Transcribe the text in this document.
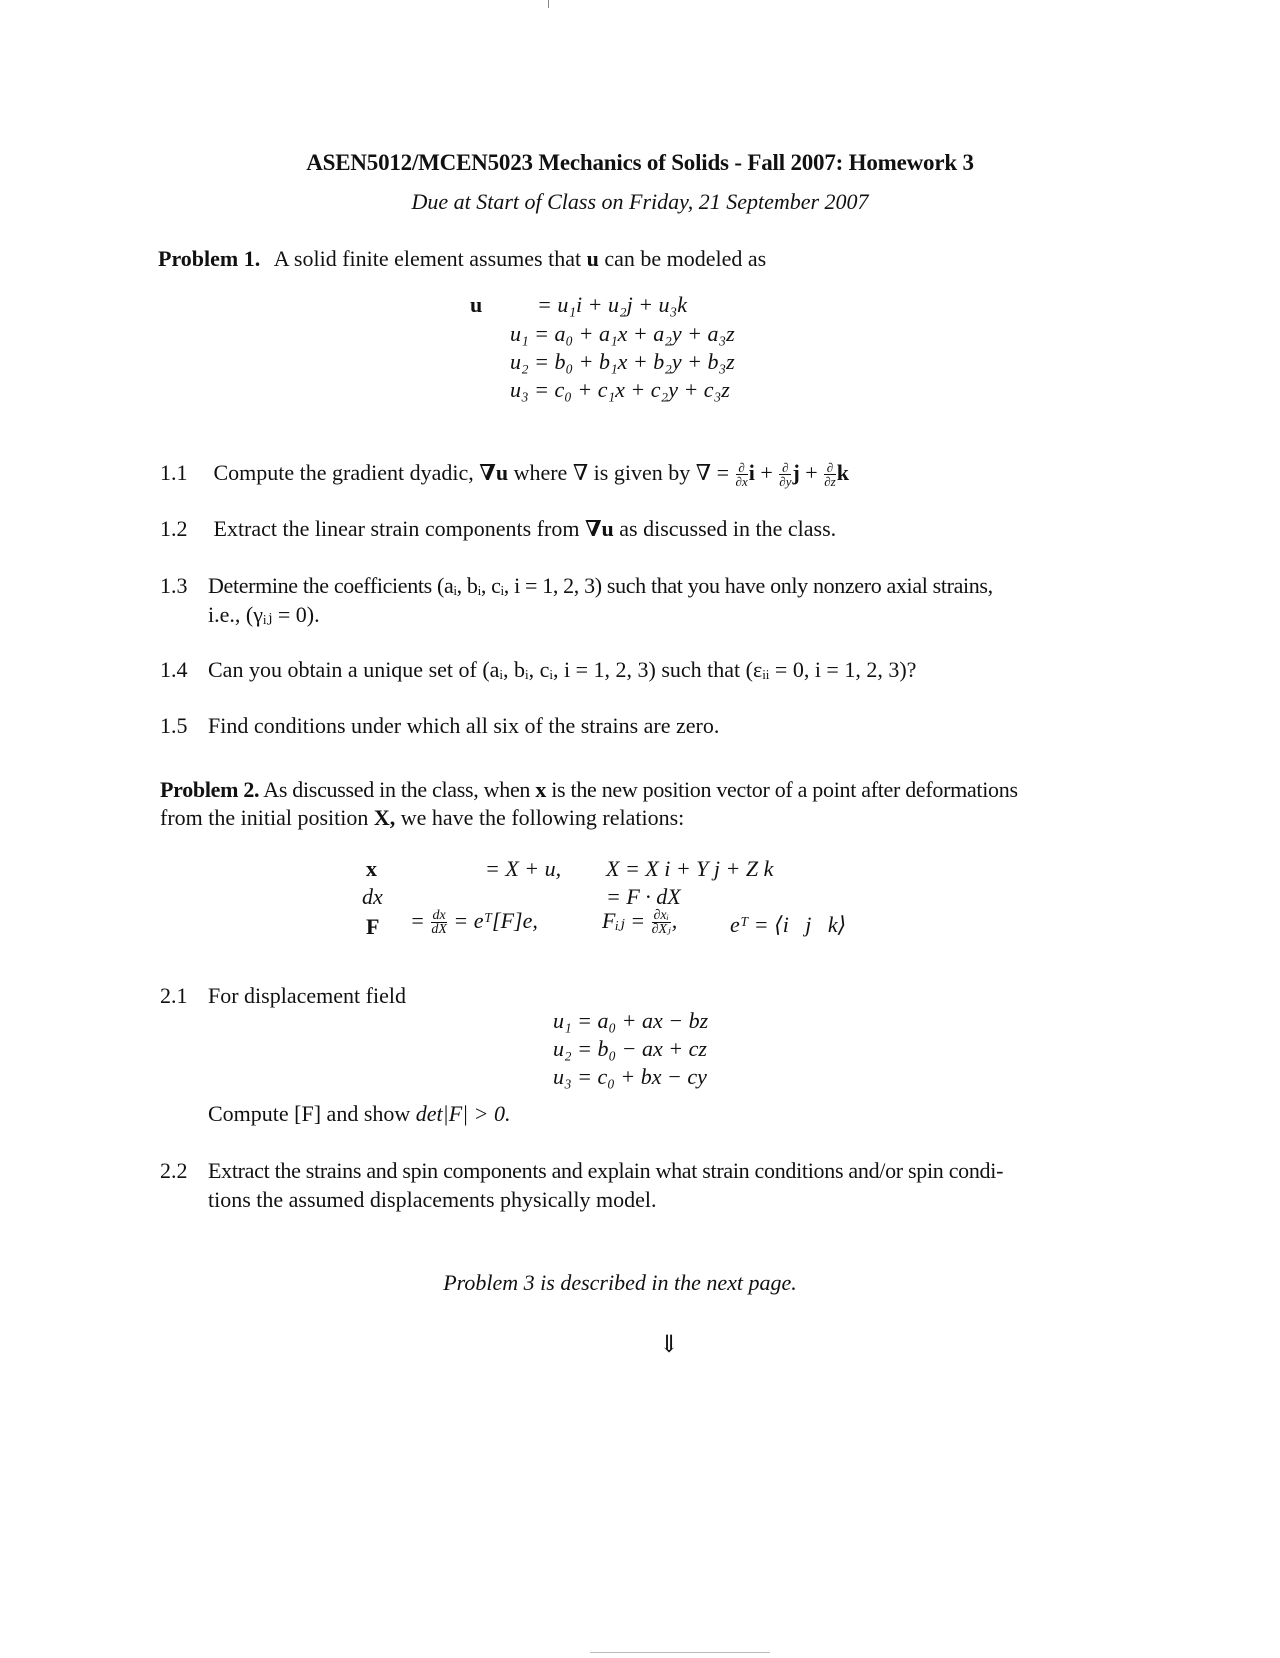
ASEN5012/MCEN5023 Mechanics of Solids - Fall 2007: Homework 3
Due at Start of Class on Friday, 21 September 2007
Problem 1. A solid finite element assumes that u can be modeled as
u = u₁i + u₂j + u₃k
u₁ = a₀ + a₁x + a₂y + a₃z
u₂ = b₀ + b₁x + b₂y + b₃z
u₃ = c₀ + c₁x + c₂y + c₃z
1.1 Compute the gradient dyadic, ∇u where ∇ is given by ∇ = $\frac{\partial}{\partial x}$ $i + \frac{\partial}{\partial y}$ $j + \frac{\partial}{\partial z}$ k
1.2 Extract the linear strain components from ∇u as discussed in the class.
1.3 Determine the coefficients (aᵢ, bᵢ, cᵢ, i = 1, 2, 3) such that you have only nonzero axial strains,
i.e., (γᵢⱼ = 0).
1.4 Can you obtain a unique set of (aᵢ, bᵢ, cᵢ, i = 1, 2, 3) such that (εᵢᵢ = 0, i = 1, 2, 3)?
1.5 Find conditions under which all six of the strains are zero.
Problem 2. As discussed in the class, when x is the new position vector of a point after deformations
from the initial position X, we have the following relations:
x	= X + u, X = X i + Y j + Z k
dx	= F · dX
$F = \frac{dx}{dX}$ = eᵀ[F]e,	Fᵢⱼ = $\frac{\text{∂xᵢ}}{\text{∂Xⱼ}}$ , eᵀ = ⟨i   j   k⟩
2.1 For displacement field
u₁ = a₀ + ax − bz
u₂ = b₀ − ax + cz
u₃ = c₀ + bx − cy
Compute [F] and show det|F| > 0.
2.2 Extract the strains and spin components and explain what strain conditions and/or spin condi-
tions the assumed displacements physically model.
Problem 3 is described in the next page.
⇓
